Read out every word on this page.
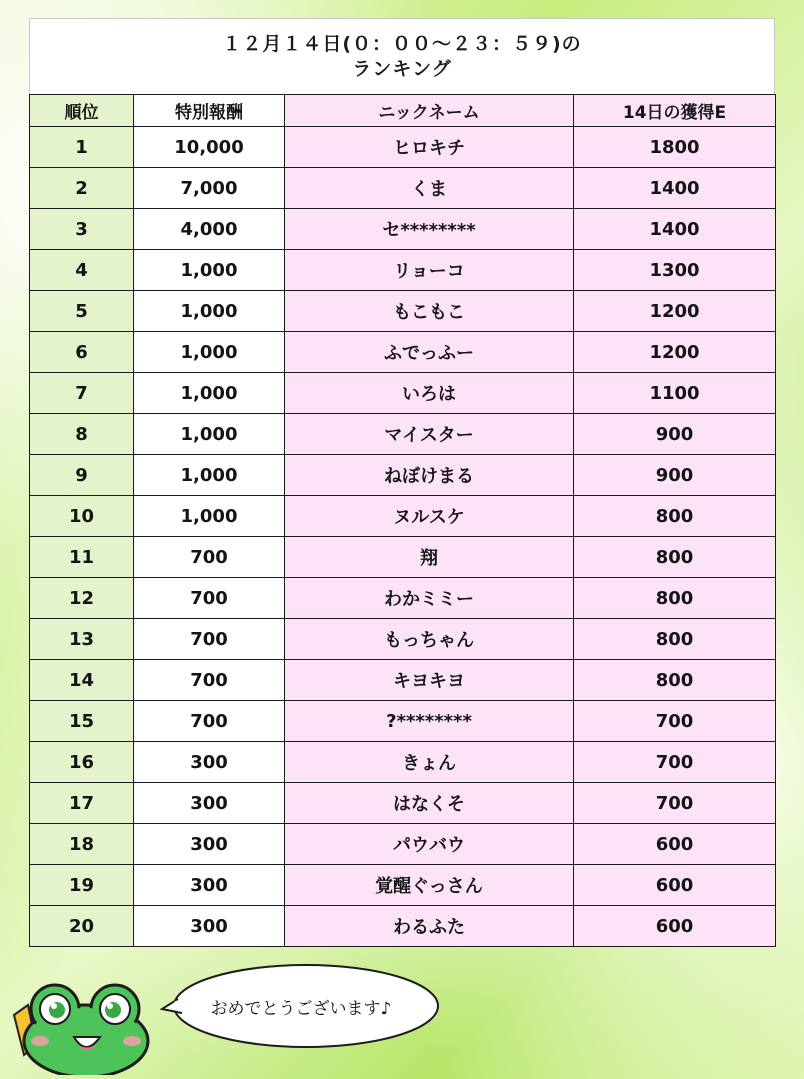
１２月１４日(０：００～２３：５９)の
ランキング
順位	特別報酬	ニックネーム	14日の獲得E
1	10,000	ヒロキチ	1800
2	7,000	くま	1400
3	4,000	セ********	1400
4	1,000	リョーコ	1300
5	1,000	もこもこ	1200
6	1,000	ふでっふー	1200
7	1,000	いろは	1100
8	1,000	マイスター	900
9	1,000	ねぼけまる	900
10	1,000	ヌルスケ	800
11	700	翔	800
12	700	わかミミー	800
13	700	もっちゃん	800
14	700	キヨキヨ	800
15	700	?********	700
16	300	きょん	700
17	300	はなくそ	700
18	300	パウバウ	600
19	300	覚醒ぐっさん	600
20	300	わるふた	600
おめでとうございます♪
